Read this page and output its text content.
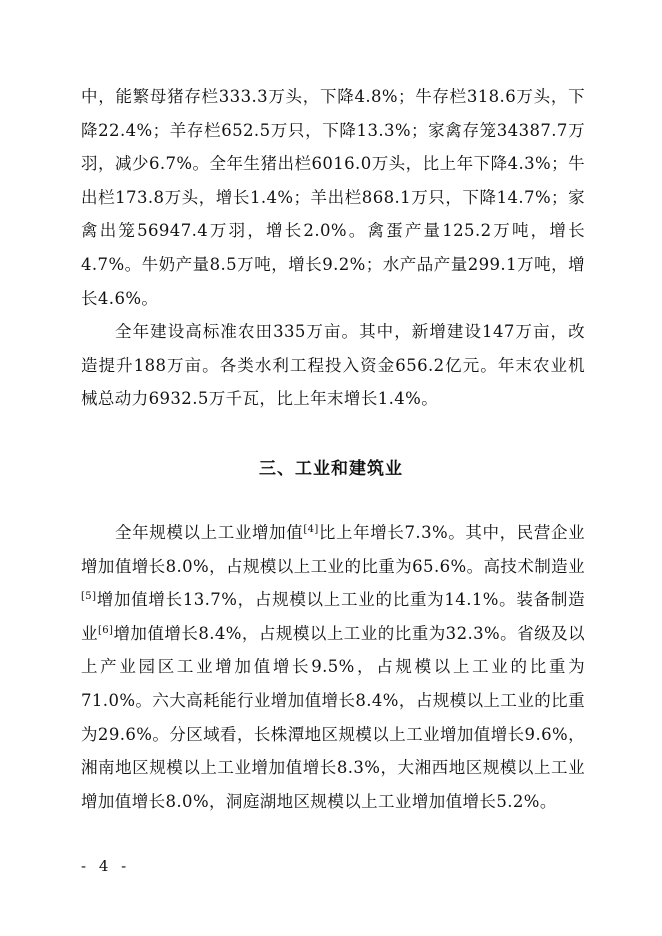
中，能繁母猪存栏333.3万头，下降4.8%；牛存栏318.6万头，下降22.4%；羊存栏652.5万只，下降13.3%；家禽存笼34387.7万羽，减少6.7%。全年生猪出栏6016.0万头，比上年下降4.3%；牛出栏173.8万头，增长1.4%；羊出栏868.1万只，下降14.7%；家禽出笼56947.4万羽，增长2.0%。禽蛋产量125.2万吨，增长4.7%。牛奶产量8.5万吨，增长9.2%；水产品产量299.1万吨，增长4.6%。

全年建设高标准农田335万亩。其中，新增建设147万亩，改造提升188万亩。各类水利工程投入资金656.2亿元。年末农业机械总动力6932.5万千瓦，比上年末增长1.4%。

三、工业和建筑业

全年规模以上工业增加值[4]比上年增长7.3%。其中，民营企业增加值增长8.0%，占规模以上工业的比重为65.6%。高技术制造业[5]增加值增长13.7%，占规模以上工业的比重为14.1%。装备制造业[6]增加值增长8.4%，占规模以上工业的比重为32.3%。省级及以上产业园区工业增加值增长9.5%，占规模以上工业的比重为71.0%。六大高耗能行业增加值增长8.4%，占规模以上工业的比重为29.6%。分区域看，长株潭地区规模以上工业增加值增长9.6%，湘南地区规模以上工业增加值增长8.3%，大湘西地区规模以上工业增加值增长8.0%，洞庭湖地区规模以上工业增加值增长5.2%。

- 4 -
